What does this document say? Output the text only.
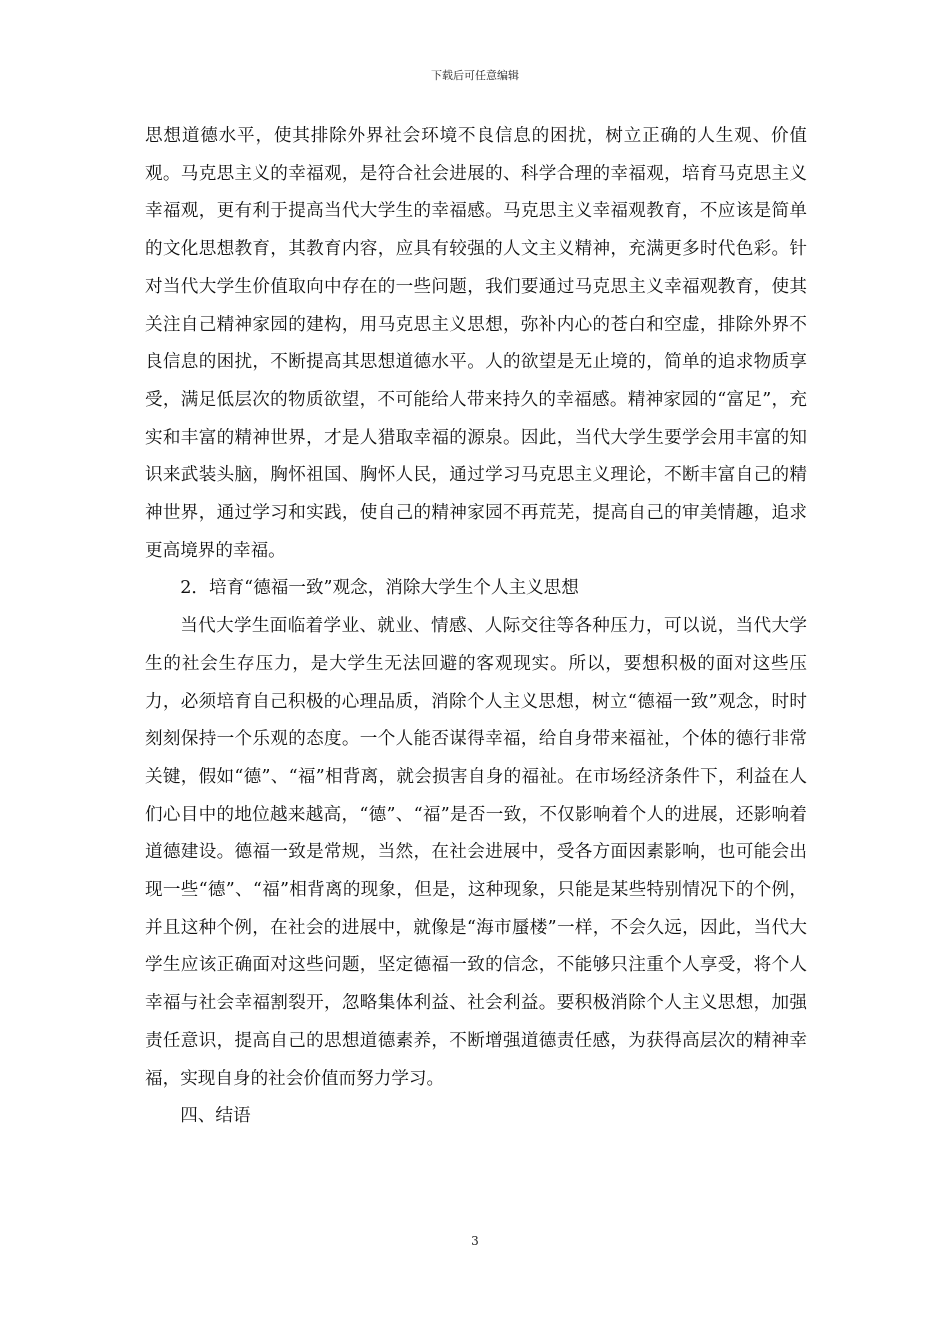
下载后可任意编辑

思想道德水平，使其排除外界社会环境不良信息的困扰，树立正确的人生观、价值观。马克思主义的幸福观，是符合社会进展的、科学合理的幸福观，培育马克思主义幸福观，更有利于提高当代大学生的幸福感。马克思主义幸福观教育，不应该是简单的文化思想教育，其教育内容，应具有较强的人文主义精神，充满更多时代色彩。针对当代大学生价值取向中存在的一些问题，我们要通过马克思主义幸福观教育，使其关注自己精神家园的建构，用马克思主义思想，弥补内心的苍白和空虚，排除外界不良信息的困扰，不断提高其思想道德水平。人的欲望是无止境的，简单的追求物质享受，满足低层次的物质欲望，不可能给人带来持久的幸福感。精神家园的“富足”，充实和丰富的精神世界，才是人猎取幸福的源泉。因此，当代大学生要学会用丰富的知识来武装头脑，胸怀祖国、胸怀人民，通过学习马克思主义理论，不断丰富自己的精神世界，通过学习和实践，使自己的精神家园不再荒芜，提高自己的审美情趣，追求更高境界的幸福。

2．培育“德福一致”观念，消除大学生个人主义思想

当代大学生面临着学业、就业、情感、人际交往等各种压力，可以说，当代大学生的社会生存压力，是大学生无法回避的客观现实。所以，要想积极的面对这些压力，必须培育自己积极的心理品质，消除个人主义思想，树立“德福一致”观念，时时刻刻保持一个乐观的态度。一个人能否谋得幸福，给自身带来福祉，个体的德行非常关键，假如“德”、“福”相背离，就会损害自身的福祉。在市场经济条件下，利益在人们心目中的地位越来越高，“德”、“福”是否一致，不仅影响着个人的进展，还影响着道德建设。德福一致是常规，当然，在社会进展中，受各方面因素影响，也可能会出现一些“德”、“福”相背离的现象，但是，这种现象，只能是某些特别情况下的个例，并且这种个例，在社会的进展中，就像是“海市蜃楼”一样，不会久远，因此，当代大学生应该正确面对这些问题，坚定德福一致的信念，不能够只注重个人享受，将个人幸福与社会幸福割裂开，忽略集体利益、社会利益。要积极消除个人主义思想，加强责任意识，提高自己的思想道德素养，不断增强道德责任感，为获得高层次的精神幸福，实现自身的社会价值而努力学习。

四、结语

3
